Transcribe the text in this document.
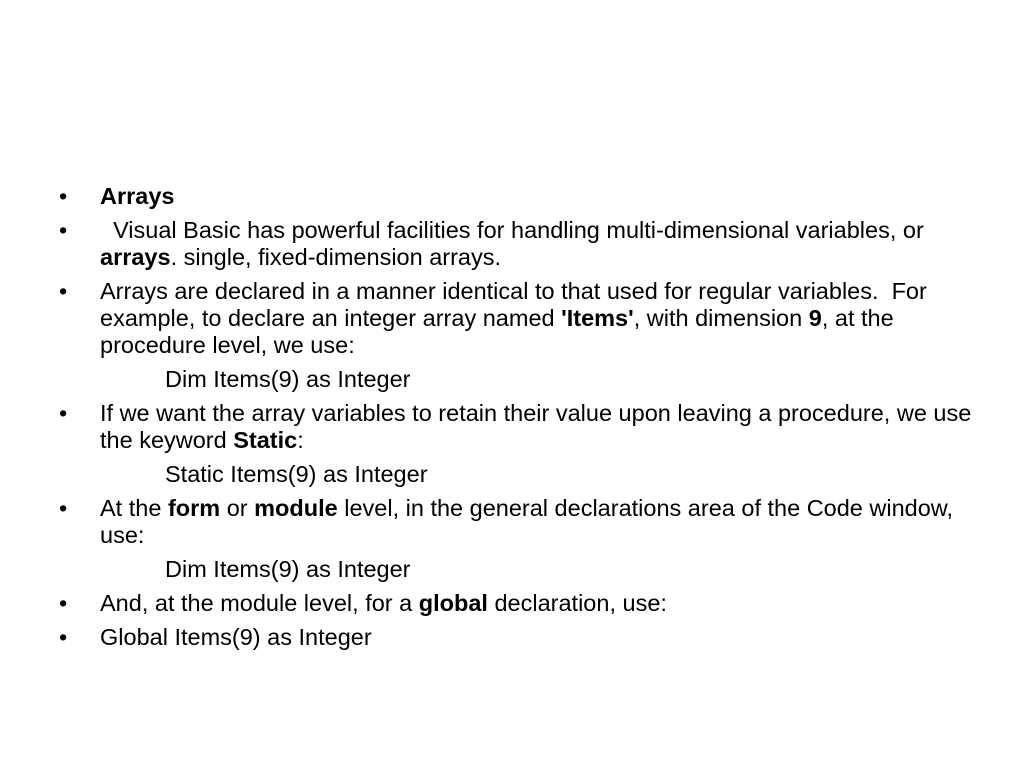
• Arrays
• Visual Basic has powerful facilities for handling multi-dimensional variables, or arrays. single, fixed-dimension arrays.
• Arrays are declared in a manner identical to that used for regular variables.  For example, to declare an integer array named 'Items', with dimension 9, at the procedure level, we use:
Dim Items(9) as Integer
• If we want the array variables to retain their value upon leaving a procedure, we use the keyword Static:
Static Items(9) as Integer
• At the form or module level, in the general declarations area of the Code window, use:
Dim Items(9) as Integer
• And, at the module level, for a global declaration, use:
• Global Items(9) as Integer
